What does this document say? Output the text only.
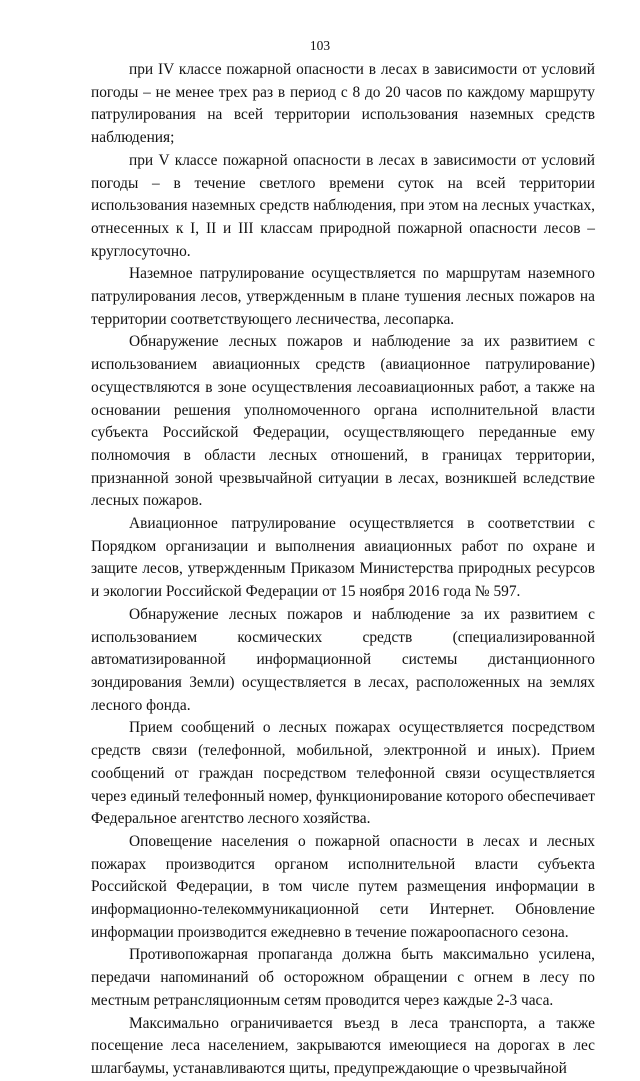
103

при IV классе пожарной опасности в лесах в зависимости от условий погоды – не менее трех раз в период с 8 до 20 часов по каждому маршруту патрулирования на всей территории использования наземных средств наблюдения;

при V классе пожарной опасности в лесах в зависимости от условий погоды – в течение светлого времени суток на всей территории использования наземных средств наблюдения, при этом на лесных участках, отнесенных к I, II и III классам природной пожарной опасности лесов – круглосуточно.

Наземное патрулирование осуществляется по маршрутам наземного патрулирования лесов, утвержденным в плане тушения лесных пожаров на территории соответствующего лесничества, лесопарка.

Обнаружение лесных пожаров и наблюдение за их развитием с использованием авиационных средств (авиационное патрулирование) осуществляются в зоне осуществления лесоавиационных работ, а также на основании решения уполномоченного органа исполнительной власти субъекта Российской Федерации, осуществляющего переданные ему полномочия в области лесных отношений, в границах территории, признанной зоной чрезвычайной ситуации в лесах, возникшей вследствие лесных пожаров.

Авиационное патрулирование осуществляется в соответствии с Порядком организации и выполнения авиационных работ по охране и защите лесов, утвержденным Приказом Министерства природных ресурсов и экологии Российской Федерации от 15 ноября 2016 года № 597.

Обнаружение лесных пожаров и наблюдение за их развитием с использованием космических средств (специализированной автоматизированной информационной системы дистанционного зондирования Земли) осуществляется в лесах, расположенных на землях лесного фонда.

Прием сообщений о лесных пожарах осуществляется посредством средств связи (телефонной, мобильной, электронной и иных). Прием сообщений от граждан посредством телефонной связи осуществляется через единый телефонный номер, функционирование которого обеспечивает Федеральное агентство лесного хозяйства.

Оповещение населения о пожарной опасности в лесах и лесных пожарах производится органом исполнительной власти субъекта Российской Федерации, в том числе путем размещения информации в информационно-телекоммуникационной сети Интернет. Обновление информации производится ежедневно в течение пожароопасного сезона.

Противопожарная пропаганда должна быть максимально усилена, передачи напоминаний об осторожном обращении с огнем в лесу по местным ретрансляционным сетям проводится через каждые 2-3 часа.

Максимально ограничивается въезд в леса транспорта, а также посещение леса населением, закрываются имеющиеся на дорогах в лес шлагбаумы, устанавливаются щиты, предупреждающие о чрезвычайной
